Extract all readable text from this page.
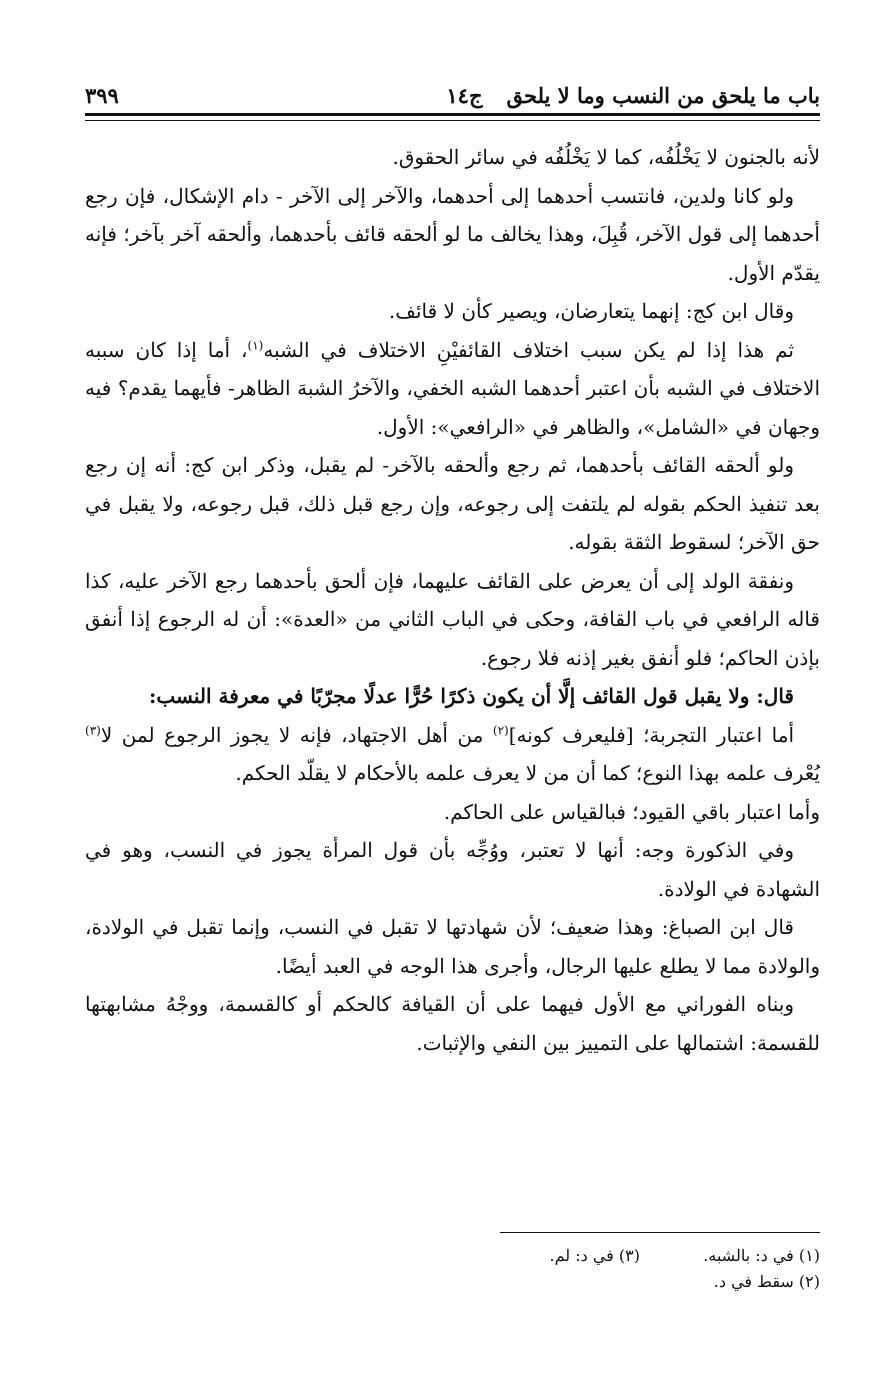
باب ما يلحق من النسب وما لا يلحق
ج١٤
٣٩٩

لأنه بالجنون لا يَخْلُفُه، كما لا يَخْلُفُه في سائر الحقوق.

ولو كانا ولدين، فانتسب أحدهما إلى أحدهما، والآخر إلى الآخر - دام الإشكال، فإن رجع أحدهما إلى قول الآخر، قُبِلَ، وهذا يخالف ما لو ألحقه قائف بأحدهما، وألحقه آخر بآخر؛ فإنه يقدّم الأول.

وقال ابن كج: إنهما يتعارضان، ويصير كأن لا قائف.

ثم هذا إذا لم يكن سبب اختلاف القائفيْنِ الاختلاف في الشبه$^{(١)}$، أما إذا كان سببه الاختلاف في الشبه بأن اعتبر أحدهما الشبه الخفي، والآخرُ الشبهَ الظاهر- فأيهما يقدم؟ فيه وجهان في «الشامل»، والظاهر في «الرافعي»: الأول.

ولو ألحقه القائف بأحدهما، ثم رجع وألحقه بالآخر- لم يقبل، وذكر ابن كج: أنه إن رجع بعد تنفيذ الحكم بقوله لم يلتفت إلى رجوعه، وإن رجع قبل ذلك، قبل رجوعه، ولا يقبل في حق الآخر؛ لسقوط الثقة بقوله.

ونفقة الولد إلى أن يعرض على القائف عليهما، فإن ألحق بأحدهما رجع الآخر عليه، كذا قاله الرافعي في باب القافة، وحكى في الباب الثاني من «العدة»: أن له الرجوع إذا أنفق بإذن الحاكم؛ فلو أنفق بغير إذنه فلا رجوع.

قال: ولا يقبل قول القائف إلَّا أن يكون ذكرًا حُرًّا عدلًا مجرّبًا في معرفة النسب:

أما اعتبار التجربة؛ [فليعرف كونه]$^{(٢)}$ من أهل الاجتهاد، فإنه لا يجوز الرجوع لمن لا$^{(٣)}$ يُعْرف علمه بهذا النوع؛ كما أن من لا يعرف علمه بالأحكام لا يقلّد الحكم.

وأما اعتبار باقي القيود؛ فبالقياس على الحاكم.

وفي الذكورة وجه: أنها لا تعتبر، ووُجِّه بأن قول المرأة يجوز في النسب، وهو في الشهادة في الولادة.

قال ابن الصباغ: وهذا ضعيف؛ لأن شهادتها لا تقبل في النسب، وإنما تقبل في الولادة، والولادة مما لا يطلع عليها الرجال، وأجرى هذا الوجه في العبد أيضًا.

وبناه الفوراني مع الأول فيهما على أن القيافة كالحكم أو كالقسمة، ووجْهُ مشابهتها للقسمة: اشتمالها على التمييز بين النفي والإثبات.

(١) في د: بالشبه.
(٣) في د: لم.
(٢) سقط في د.
